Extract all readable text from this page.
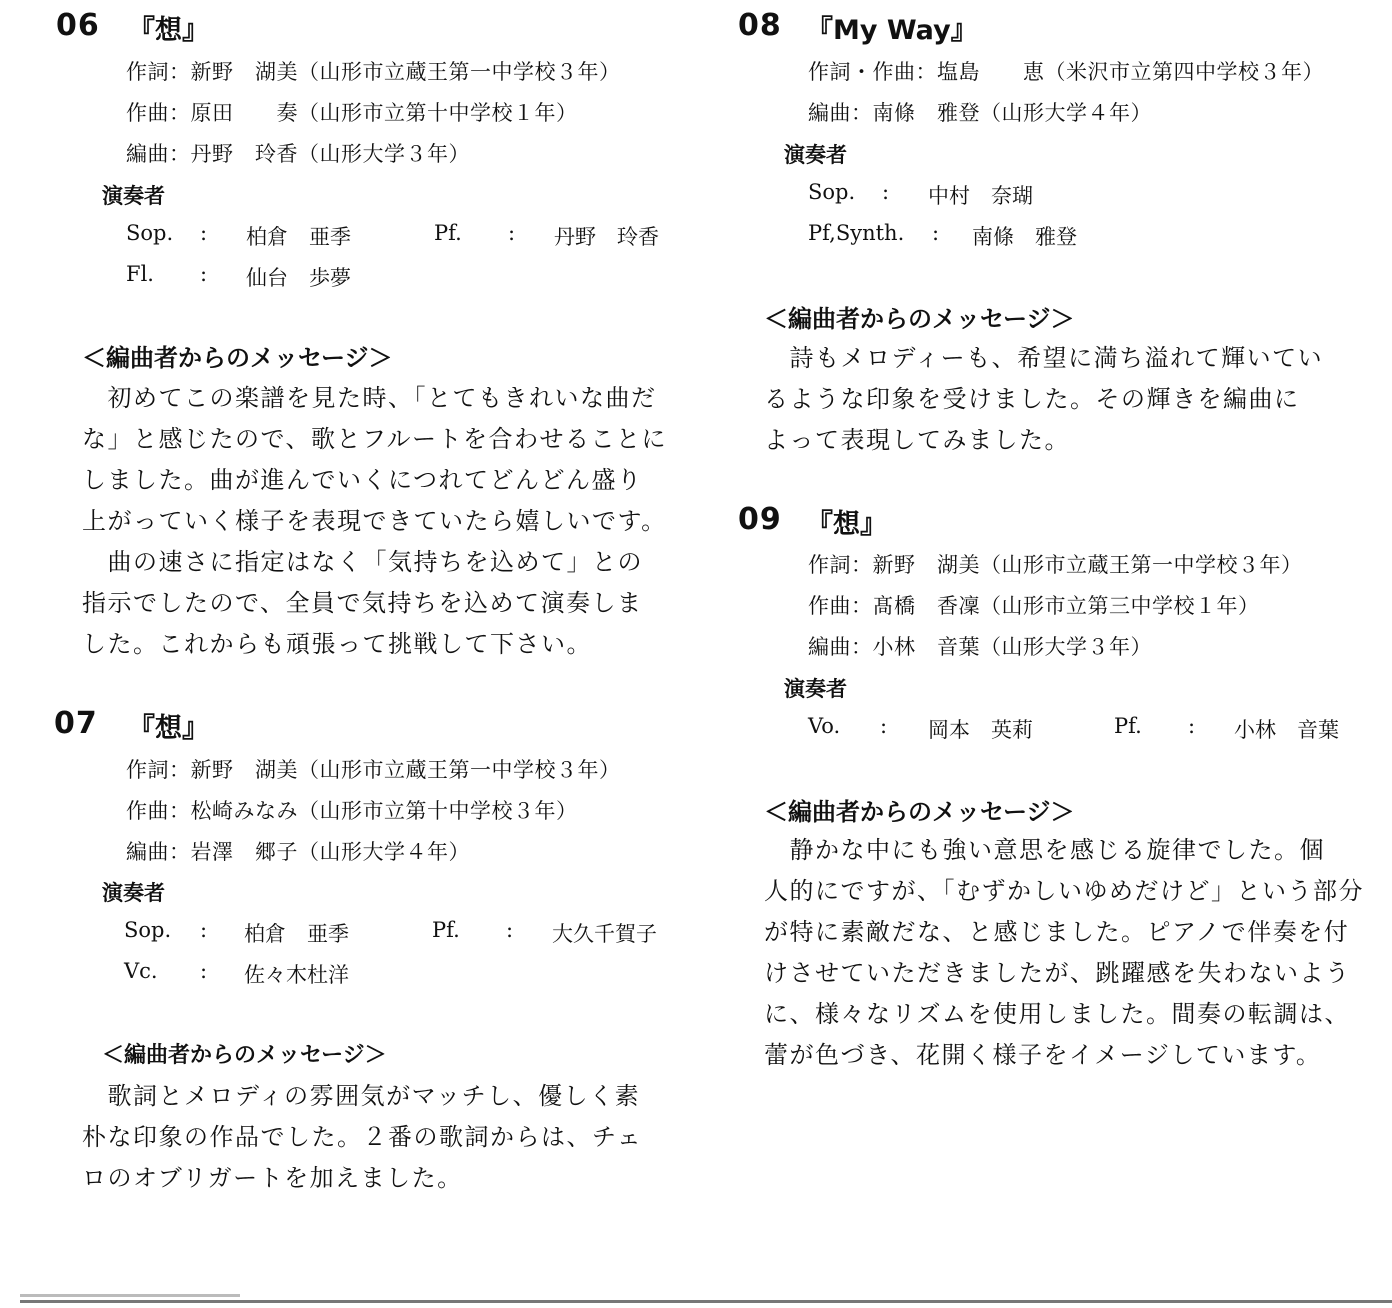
06 『想』
作詞：新野　湖美（山形市立蔵王第一中学校３年）
作曲：原田　　奏（山形市立第十中学校１年）
編曲：丹野　玲香（山形大学３年）
演奏者
Sop. : 柏倉　亜季	Pf. : 丹野　玲香
Fl. : 仙台　歩夢
＜編曲者からのメッセージ＞
　初めてこの楽譜を見た時、「とてもきれいな曲だ
な」と感じたので、歌とフルートを合わせることに
しました。曲が進んでいくにつれてどんどん盛り
上がっていく様子を表現できていたら嬉しいです。
　曲の速さに指定はなく「気持ちを込めて」との
指示でしたので、全員で気持ちを込めて演奏しま
した。これからも頑張って挑戦して下さい。
07 『想』
作詞：新野　湖美（山形市立蔵王第一中学校３年）
作曲：松崎みなみ（山形市立第十中学校３年）
編曲：岩澤　郷子（山形大学４年）
演奏者
Sop. : 柏倉　亜季	Pf. : 大久千賀子
Vc. : 佐々木杜洋
＜編曲者からのメッセージ＞
　歌詞とメロディの雰囲気がマッチし、優しく素
朴な印象の作品でした。２番の歌詞からは、チェ
ロのオブリガートを加えました。
08 『My Way』
作詞・作曲：塩島　　恵（米沢市立第四中学校３年）
編曲：南條　雅登（山形大学４年）
演奏者
Sop. : 中村　奈瑚
Pf,Synth. : 南條　雅登
＜編曲者からのメッセージ＞
　詩もメロディーも、希望に満ち溢れて輝いてい
るような印象を受けました。その輝きを編曲に
よって表現してみました。
09 『想』
作詞：新野　湖美（山形市立蔵王第一中学校３年）
作曲：髙橋　香凜（山形市立第三中学校１年）
編曲：小林　音葉（山形大学３年）
演奏者
Vo. : 岡本　英莉	Pf. : 小林　音葉
＜編曲者からのメッセージ＞
　静かな中にも強い意思を感じる旋律でした。個
人的にですが、「むずかしいゆめだけど」という部分
が特に素敵だな、と感じました。ピアノで伴奏を付
けさせていただきましたが、跳躍感を失わないよう
に、様々なリズムを使用しました。間奏の転調は、
蕾が色づき、花開く様子をイメージしています。
